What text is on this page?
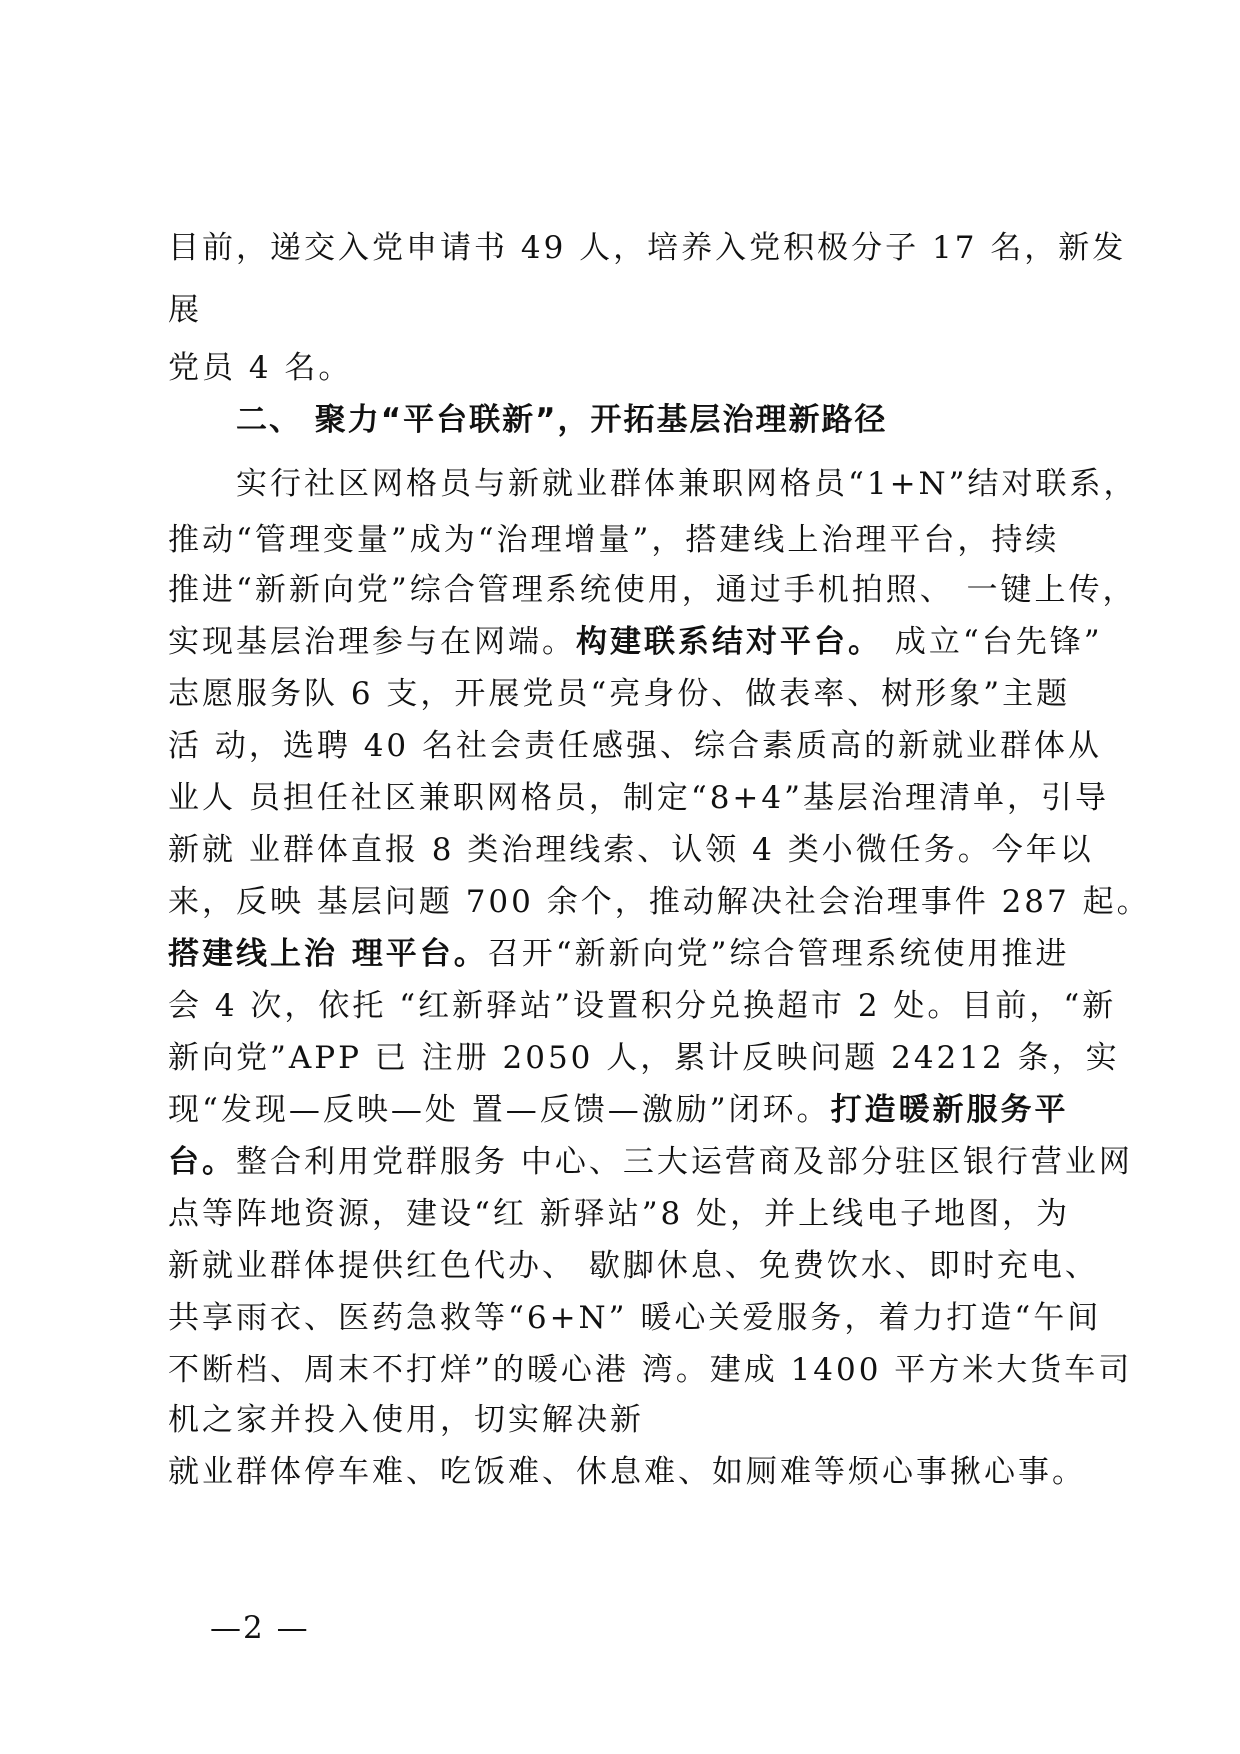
目前，递交入党申请书 49 人，培养入党积极分子 17 名，新发
展
党员 4 名。
二、 聚力“平台联新”，开拓基层治理新路径
实行社区网格员与新就业群体兼职网格员“1+N”结对联系，
推动“管理变量”成为“治理增量”，搭建线上治理平台，持续
推进“新新向党”综合管理系统使用，通过手机拍照、 一键上传，
实现基层治理参与在网端。构建联系结对平台。 成立“台先锋”
志愿服务队 6 支，开展党员“亮身份、做表率、树形象”主题
活 动，选聘 40 名社会责任感强、综合素质高的新就业群体从
业人 员担任社区兼职网格员，制定“8+4”基层治理清单，引导
新就 业群体直报 8 类治理线索、认领 4 类小微任务。今年以
来，反映 基层问题 700 余个，推动解决社会治理事件 287 起。
搭建线上治 理平台。召开“新新向党”综合管理系统使用推进
会 4 次，依托 “红新驿站”设置积分兑换超市 2 处。目前，“新
新向党”APP 已 注册 2050 人，累计反映问题 24212 条，实
现“发现—反映—处 置—反馈—激励”闭环。打造暖新服务平
台。整合利用党群服务 中心、三大运营商及部分驻区银行营业网
点等阵地资源，建设“红 新驿站”8 处，并上线电子地图，为
新就业群体提供红色代办、 歇脚休息、免费饮水、即时充电、
共享雨衣、医药急救等“6+N” 暖心关爱服务，着力打造“午间
不断档、周末不打烊”的暖心港 湾。建成 1400 平方米大货车司
机之家并投入使用，切实解决新
就业群体停车难、吃饭难、休息难、如厕难等烦心事揪心事。
—2 —
